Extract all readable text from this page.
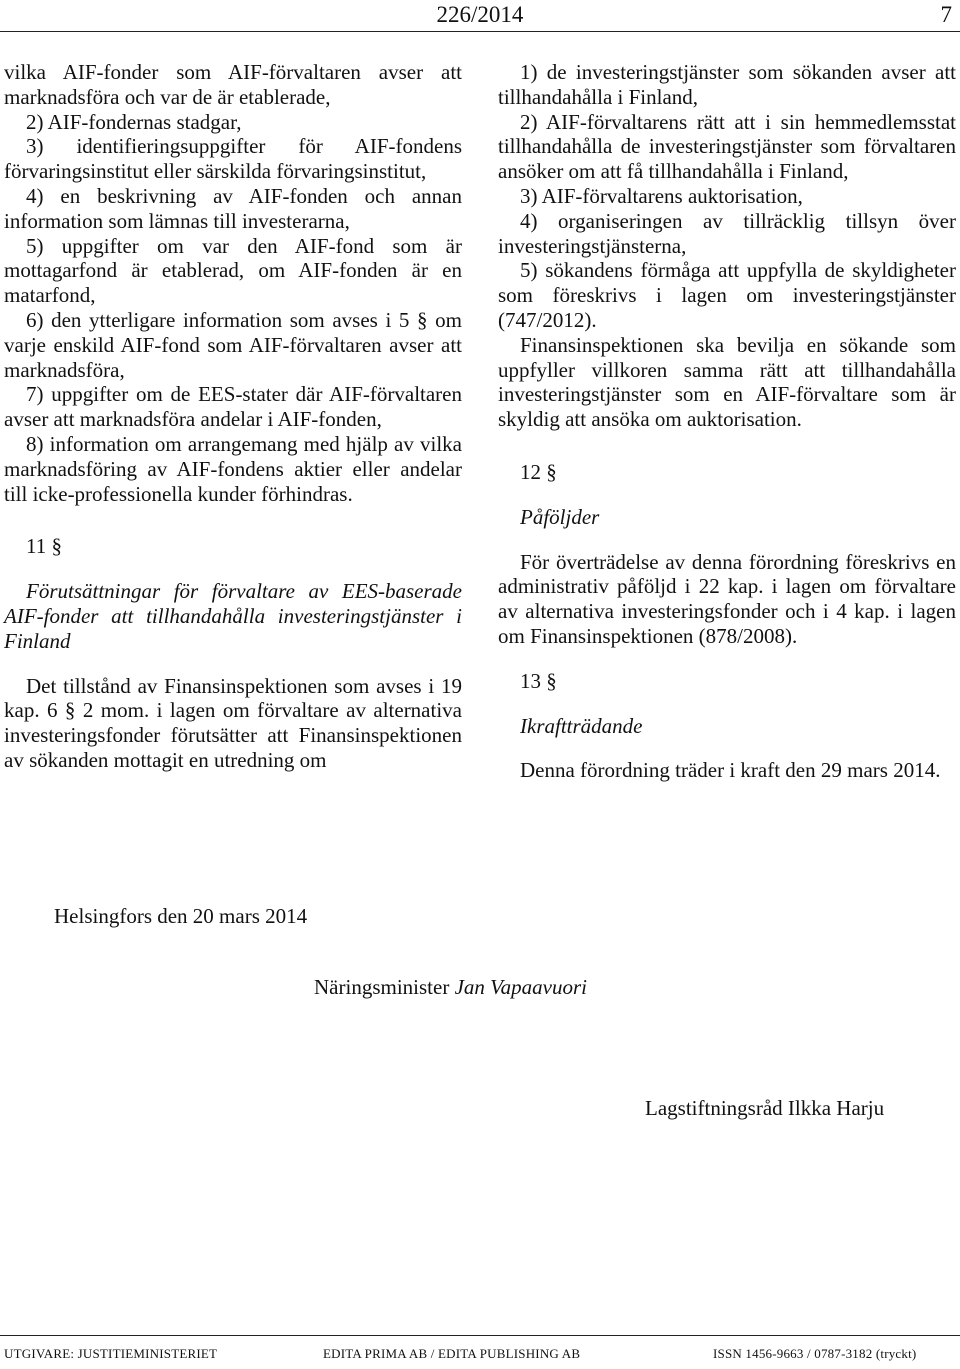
226/2014	7

vilka AIF-fonder som AIF-förvaltaren avser att marknadsföra och var de är etablerade,

2) AIF-fondernas stadgar,

3) identifieringsuppgifter för AIF-fondens förvaringsinstitut eller särskilda förvaringsinstitut,

4) en beskrivning av AIF-fonden och annan information som lämnas till investerarna,

5) uppgifter om var den AIF-fond som är mottagarfond är etablerad, om AIF-fonden är en matarfond,

6) den ytterligare information som avses i 5 § om varje enskild AIF-fond som AIF-förvaltaren avser att marknadsföra,

7) uppgifter om de EES-stater där AIF-förvaltaren avser att marknadsföra andelar i AIF-fonden,

8) information om arrangemang med hjälp av vilka marknadsföring av AIF-fondens aktier eller andelar till icke-professionella kunder förhindras.

11 §

Förutsättningar för förvaltare av EES-baserade AIF-fonder att tillhandahålla investeringstjänster i Finland

Det tillstånd av Finansinspektionen som avses i 19 kap. 6 § 2 mom. i lagen om förvaltare av alternativa investeringsfonder förutsätter att Finansinspektionen av sökanden mottagit en utredning om

1) de investeringstjänster som sökanden avser att tillhandahålla i Finland,

2) AIF-förvaltarens rätt att i sin hemmedlemsstat tillhandahålla de investeringstjänster som förvaltaren ansöker om att få tillhandahålla i Finland,

3) AIF-förvaltarens auktorisation,

4) organiseringen av tillräcklig tillsyn över investeringstjänsterna,

5) sökandens förmåga att uppfylla de skyldigheter som föreskrivs i lagen om investeringstjänster (747/2012).

Finansinspektionen ska bevilja en sökande som uppfyller villkoren samma rätt att tillhandahålla investeringstjänster som en AIF-förvaltare som är skyldig att ansöka om auktorisation.

12 §

Påföljder

För överträdelse av denna förordning föreskrivs en administrativ påföljd i 22 kap. i lagen om förvaltare av alternativa investeringsfonder och i 4 kap. i lagen om Finansinspektionen (878/2008).

13 §

Ikraftträdande

Denna förordning träder i kraft den 29 mars 2014.

Helsingfors den 20 mars 2014
Näringsminister Jan Vapaavuori
Lagstiftningsråd Ilkka Harju
UTGIVARE: JUSTITIEMINISTERIET	EDITA PRIMA AB / EDITA PUBLISHING AB	ISSN 1456-9663 / 0787-3182 (tryckt)
